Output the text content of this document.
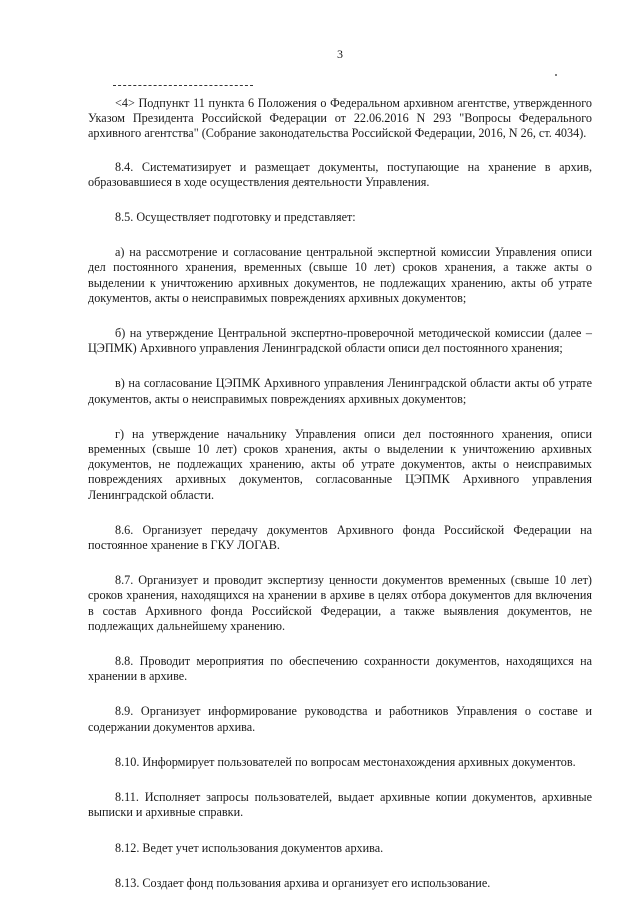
3

<4> Подпункт 11 пункта 6 Положения о Федеральном архивном агентстве, утвержденного Указом Президента Российской Федерации от 22.06.2016 N 293 "Вопросы Федерального архивного агентства" (Собрание законодательства Российской Федерации, 2016, N 26, ст. 4034).

8.4. Систематизирует и размещает документы, поступающие на хранение в архив, образовавшиеся в ходе осуществления деятельности Управления.

8.5. Осуществляет подготовку и представляет:

а) на рассмотрение и согласование центральной экспертной комиссии Управления описи дел постоянного хранения, временных (свыше 10 лет) сроков хранения, а также акты о выделении к уничтожению архивных документов, не подлежащих хранению, акты об утрате документов, акты о неисправимых повреждениях архивных документов;

б) на утверждение Центральной экспертно-проверочной методической комиссии (далее – ЦЭПМК) Архивного управления Ленинградской области описи дел постоянного хранения;

в) на согласование ЦЭПМК Архивного управления Ленинградской области акты об утрате документов, акты о неисправимых повреждениях архивных документов;

г) на утверждение начальнику Управления описи дел постоянного хранения, описи временных (свыше 10 лет) сроков хранения, акты о выделении к уничтожению архивных документов, не подлежащих хранению, акты об утрате документов, акты о неисправимых повреждениях архивных документов, согласованные ЦЭПМК Архивного управления Ленинградской области.

8.6. Организует передачу документов Архивного фонда Российской Федерации на постоянное хранение в ГКУ ЛОГАВ.

8.7. Организует и проводит экспертизу ценности документов временных (свыше 10 лет) сроков хранения, находящихся на хранении в архиве в целях отбора документов для включения в состав Архивного фонда Российской Федерации, а также выявления документов, не подлежащих дальнейшему хранению.

8.8. Проводит мероприятия по обеспечению сохранности документов, находящихся на хранении в архиве.

8.9. Организует информирование руководства и работников Управления о составе и содержании документов архива.

8.10. Информирует пользователей по вопросам местонахождения архивных документов.

8.11. Исполняет запросы пользователей, выдает архивные копии документов, архивные выписки и архивные справки.

8.12. Ведет учет использования документов архива.

8.13. Создает фонд пользования архива и организует его использование.
